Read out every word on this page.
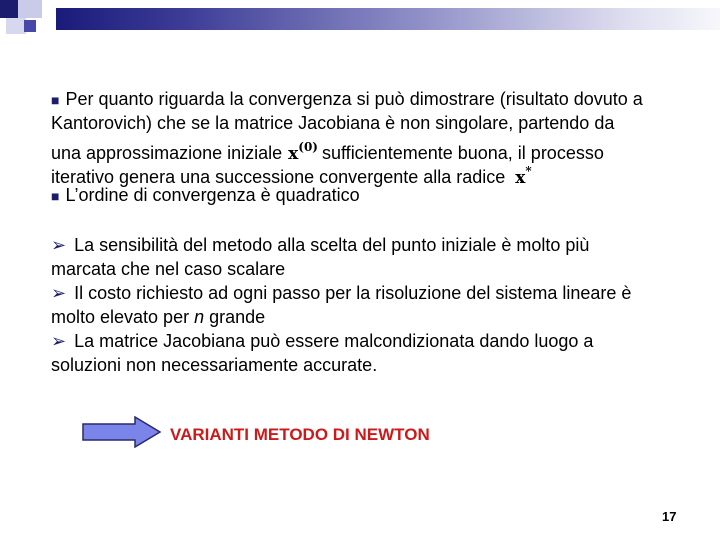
■ Per quanto riguarda la convergenza si può dimostrare (risultato dovuto a
Kantorovich) che se la matrice Jacobiana è non singolare, partendo da
una approssimazione iniziale $x^{(0)}$ sufficientemente buona, il processo
iterativo genera una successione convergente alla radice x*
■ L’ordine di convergenza è quadratico
➢ La sensibilità del metodo alla scelta del punto iniziale è molto più
marcata che nel caso scalare
➢ Il costo richiesto ad ogni passo per la risoluzione del sistema lineare è
molto elevato per n grande
➢ La matrice Jacobiana può essere malcondizionata dando luogo a
soluzioni non necessariamente accurate.
VARIANTI METODO DI NEWTON
17
